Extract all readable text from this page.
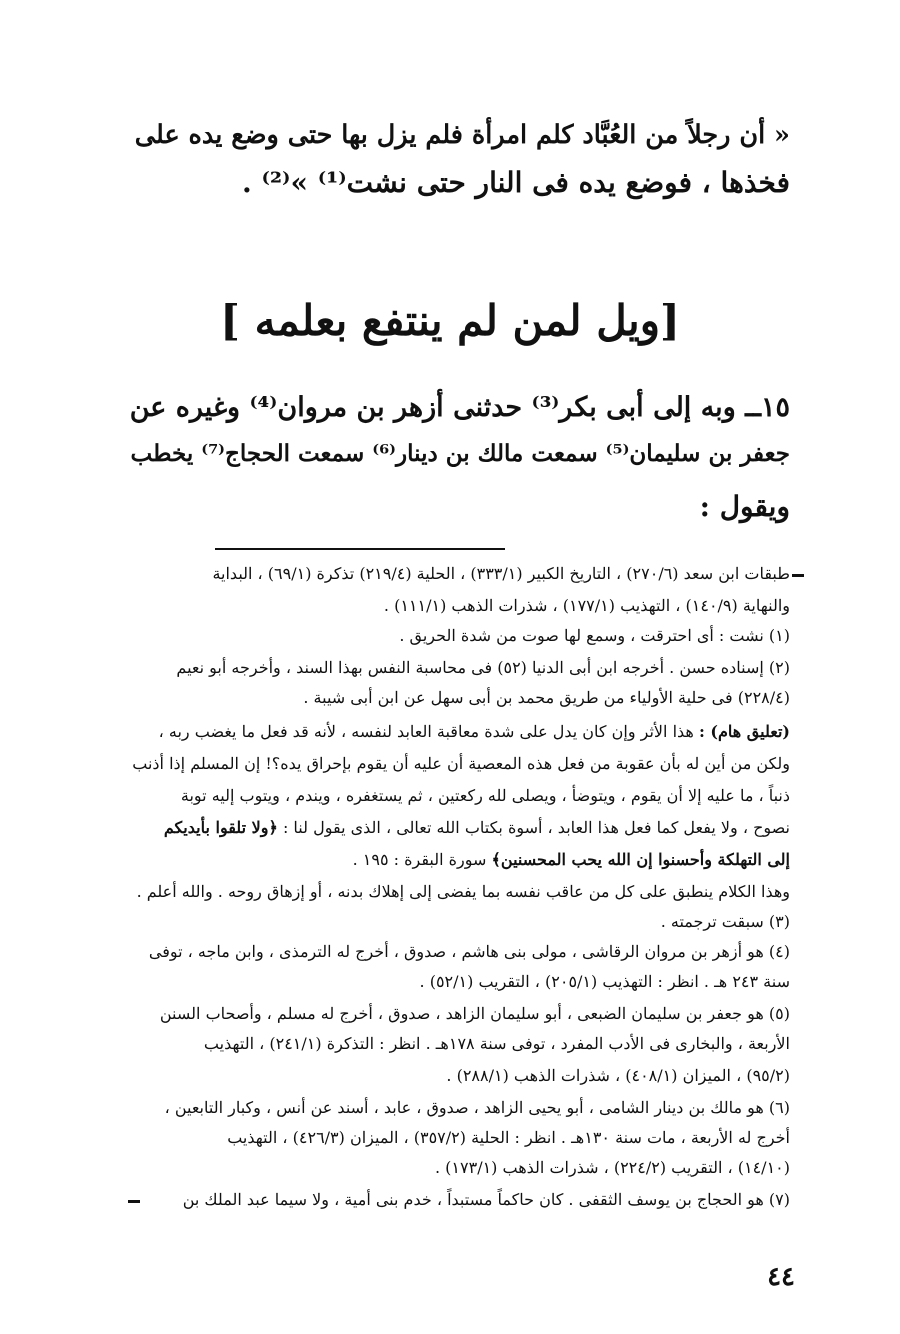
« أن رجلاً من العُبَّاد كلم امرأة فلم يزل بها حتى وضع يده على
فخذها ، فوضع يده فى النار حتى نشت⁽¹⁾ »⁽²⁾ .
[ويل لمن لم ينتفع بعلمه ]
١٥ــ وبه إلى أبى بكر⁽³⁾ حدثنى أزهر بن مروان⁽⁴⁾ وغيره عن
جعفر بن سليمان⁽⁵⁾ سمعت مالك بن دينار⁽⁶⁾ سمعت الحجاج⁽⁷⁾ يخطب
ويقول :
طبقات ابن سعد (٢٧٠/٦) ، التاريخ الكبير (٣٣٣/١) ، الحلية (٢١٩/٤) تذكرة (٦٩/١) ، البداية
والنهاية (١٤٠/٩) ، التهذيب (١٧٧/١) ، شذرات الذهب (١١١/١) .
(١) نشت : أى احترقت ، وسمع لها صوت من شدة الحريق .
(٢) إسناده حسن . أخرجه ابن أبى الدنيا (٥٢) فى محاسبة النفس بهذا السند ، وأخرجه أبو نعيم
(٢٢٨/٤) فى حلية الأولياء من طريق محمد بن أبى سهل عن ابن أبى شيبة .
(تعليق هام) : هذا الأثر وإن كان يدل على شدة معاقبة العابد لنفسه ، لأنه قد فعل ما يغضب ربه ،
ولكن من أين له بأن عقوبة من فعل هذه المعصية أن عليه أن يقوم بإحراق يده؟! إن المسلم إذا أذنب
ذنباً ، ما عليه إلا أن يقوم ، ويتوضأ ، ويصلى لله ركعتين ، ثم يستغفره ، ويندم ، ويتوب إليه توبة
نصوح ، ولا يفعل كما فعل هذا العابد ، أسوة بكتاب الله تعالى ، الذى يقول لنا : ﴿ولا تلقوا بأيديكم
إلى التهلكة وأحسنوا إن الله يحب المحسنين﴾ سورة البقرة : ١٩٥ .
وهذا الكلام ينطبق على كل من عاقب نفسه بما يفضى إلى إهلاك بدنه ، أو إزهاق روحه . والله أعلم .
(٣) سبقت ترجمته .
(٤) هو أزهر بن مروان الرقاشى ، مولى بنى هاشم ، صدوق ، أخرج له الترمذى ، وابن ماجه ، توفى
سنة ٢٤٣ هـ . انظر : التهذيب (٢٠٥/١) ، التقريب (٥٢/١) .
(٥) هو جعفر بن سليمان الضبعى ، أبو سليمان الزاهد ، صدوق ، أخرج له مسلم ، وأصحاب السنن
الأربعة ، والبخارى فى الأدب المفرد ، توفى سنة ١٧٨هـ . انظر : التذكرة (٢٤١/١) ، التهذيب
(٩٥/٢) ، الميزان (٤٠٨/١) ، شذرات الذهب (٢٨٨/١) .
(٦) هو مالك بن دينار الشامى ، أبو يحيى الزاهد ، صدوق ، عابد ، أسند عن أنس ، وكبار التابعين ،
أخرج له الأربعة ، مات سنة ١٣٠هـ . انظر : الحلية (٣٥٧/٢) ، الميزان (٤٢٦/٣) ، التهذيب
(١٤/١٠) ، التقريب (٢٢٤/٢) ، شذرات الذهب (١٧٣/١) .
(٧) هو الحجاج بن يوسف الثقفى . كان حاكماً مستبداً ، خدم بنى أمية ، ولا سيما عبد الملك بن
٤٤
